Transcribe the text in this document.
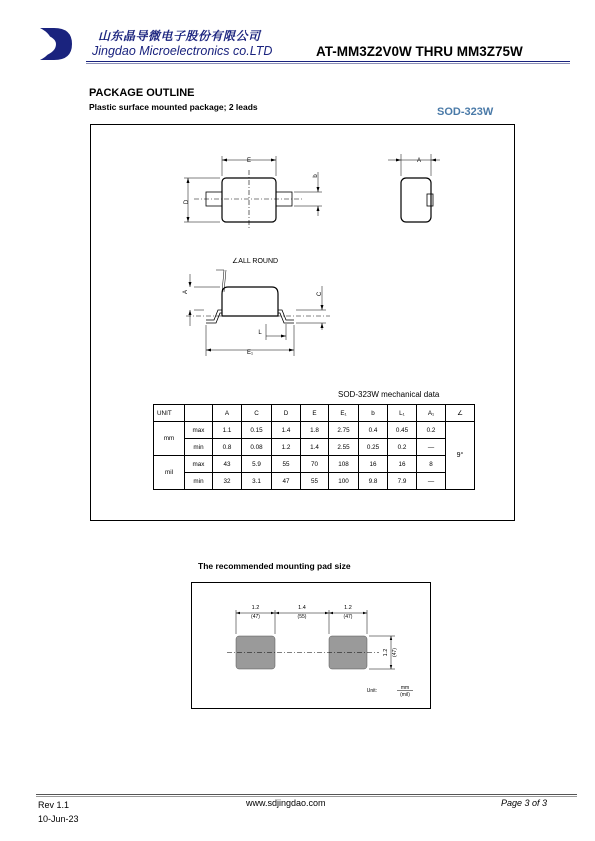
山东晶导微电子股份有限公司
Jingdao Microelectronics co.LTD	AT-MM3Z2V0W THRU MM3Z75W
PACKAGE OUTLINE
Plastic surface mounted package; 2 leads	SOD-323W
E
D
b
A
∠ALL ROUND
A	C
L
E₁
SOD-323W mechanical data
UNIT		A	C	D	E	E₁	b	L₁	A₁	∠
mm	max	1.1	0.15	1.4	1.8	2.75	0.4	0.45	0.2	9°
	min	0.8	0.08	1.2	1.4	2.55	0.25	0.2	—	
mil	max	43	5.9	55	70	108	16	16	8	
	min	32	3.1	47	55	100	9.8	7.9	—	
The recommended mounting pad size
1.2
(47)
1.4
(55)
1.2
(47)
1.2 (47)
Unit:	mm
(mil)
Rev 1.1
10-Jun-23
www.sdjingdao.com	Page 3 of 3
